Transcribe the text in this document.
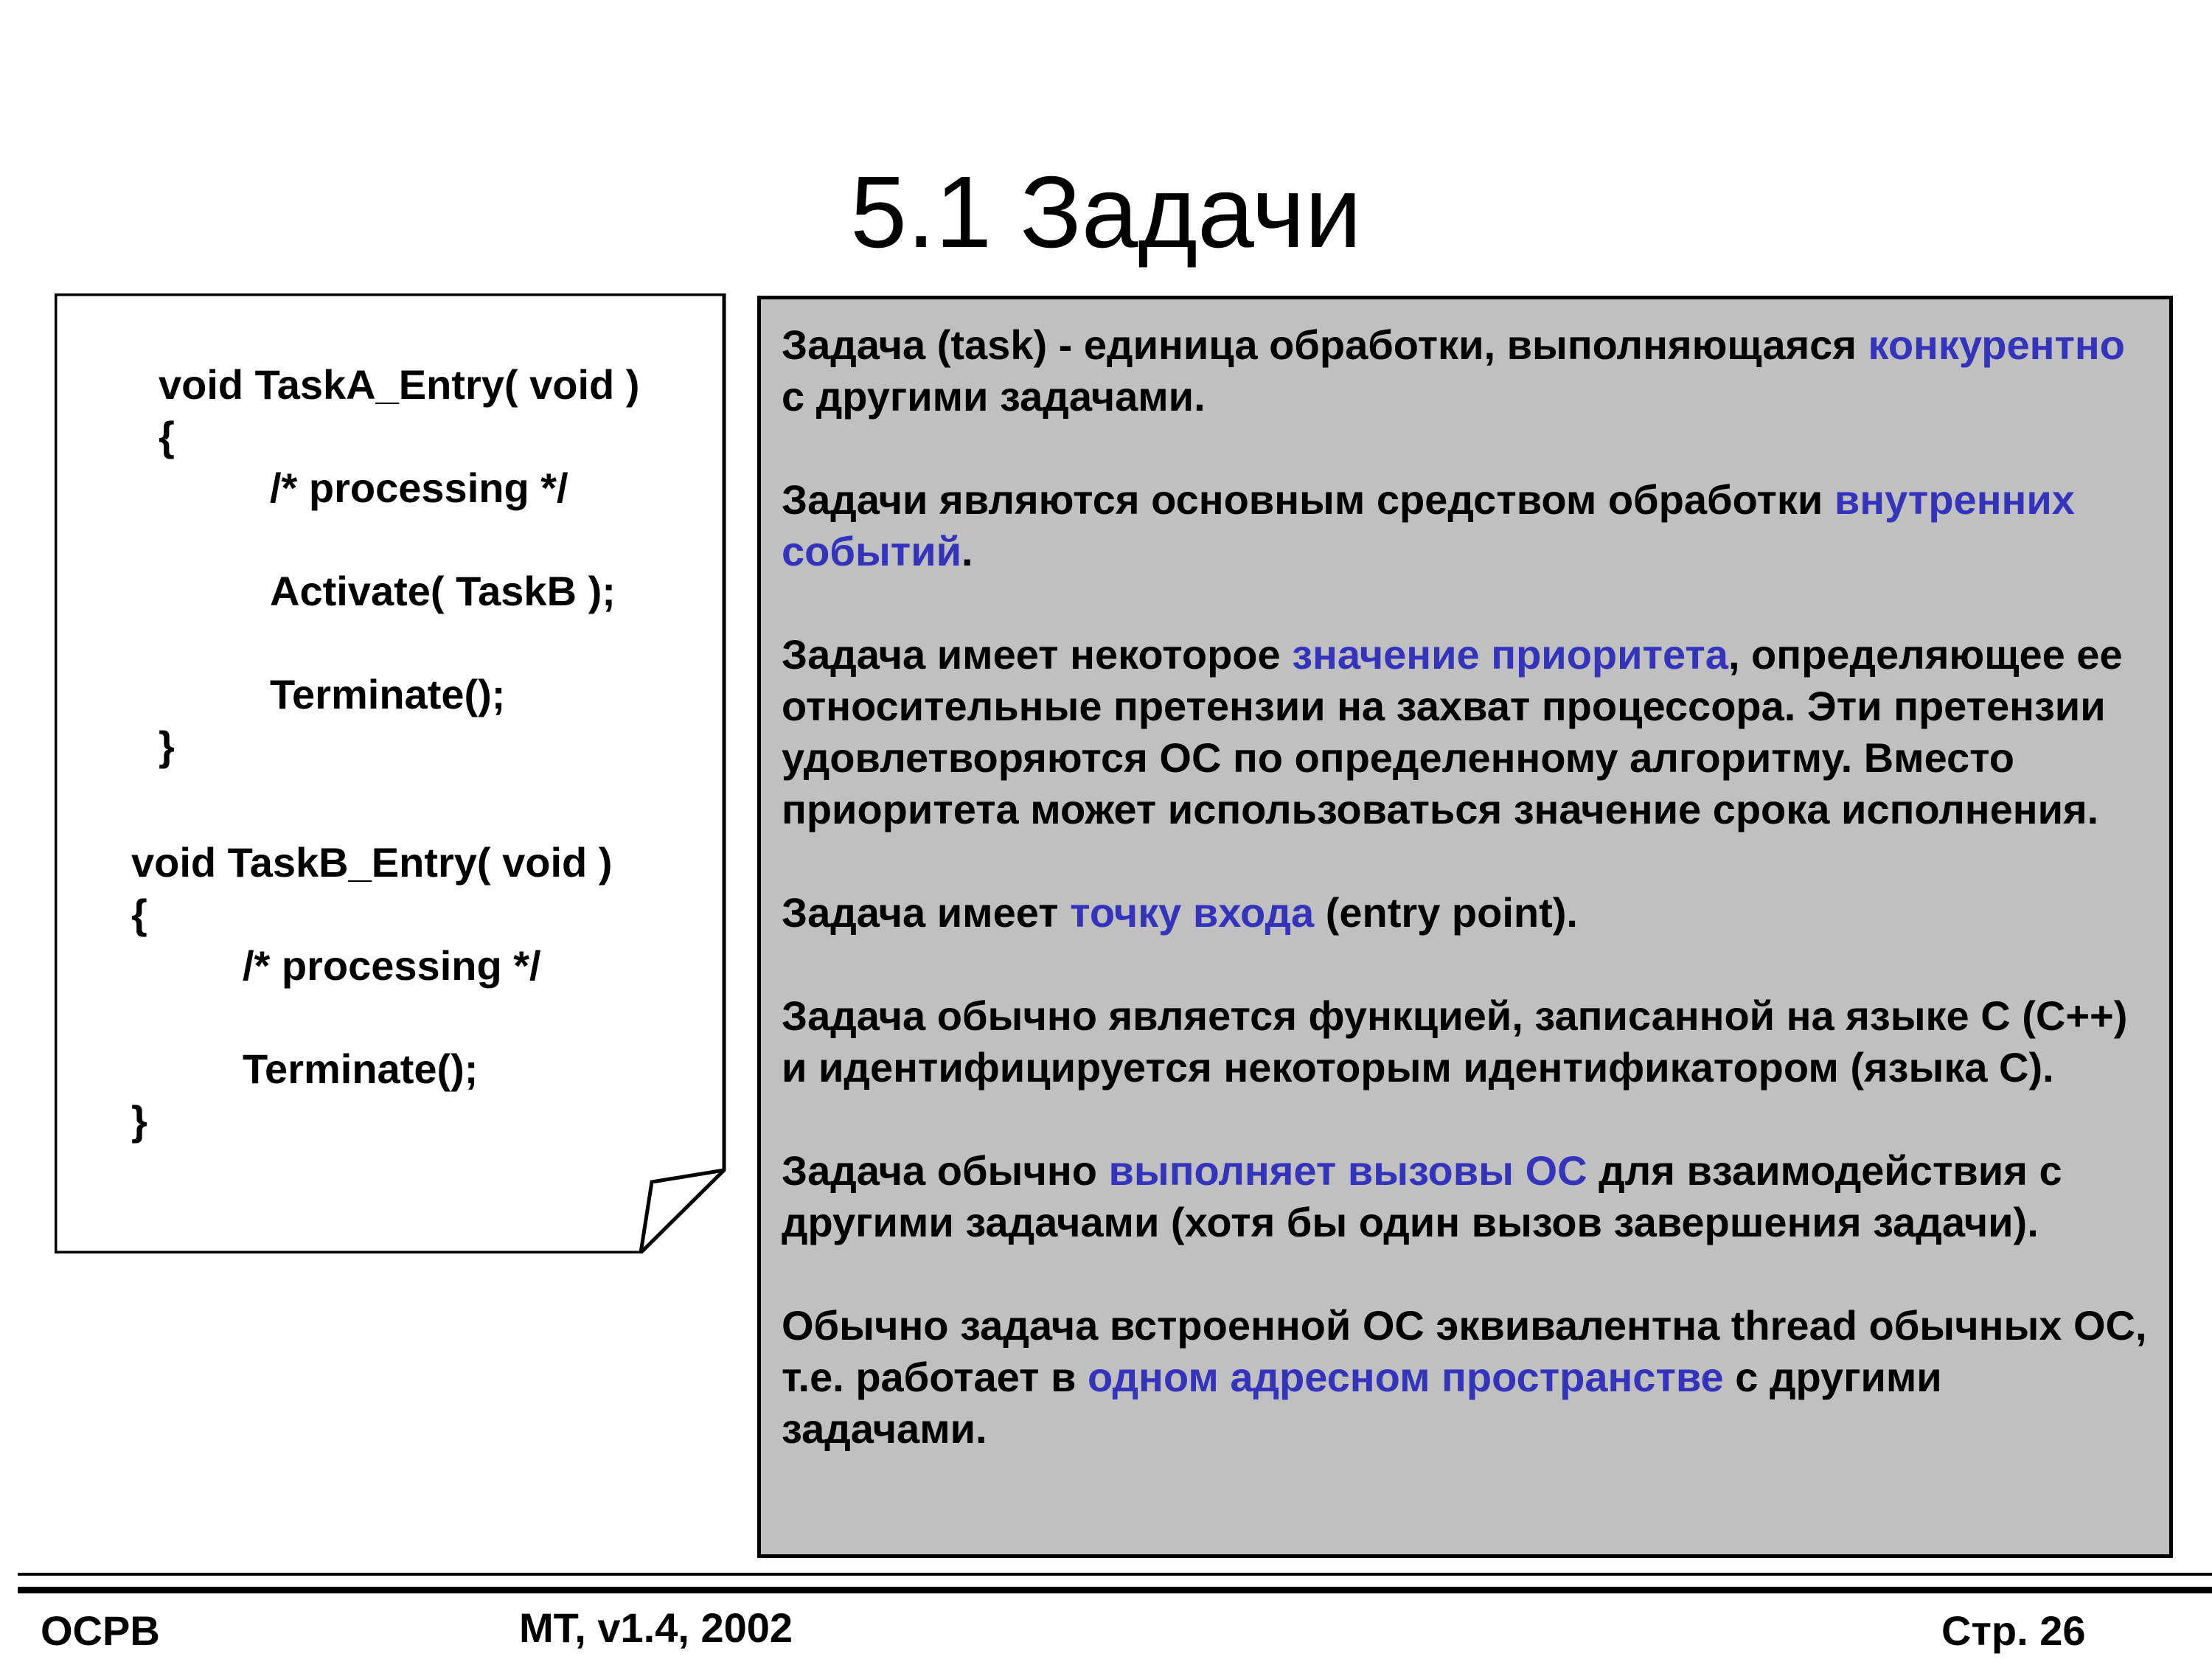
5.1 Задачи
void TaskA_Entry( void )
{
/* processing */
Activate( TaskB );
Terminate();
}
void TaskB_Entry( void )
{
/* processing */
Terminate();
}

Задача (task) - единица обработки, выполняющаяся конкурентно с другими задачами.

Задачи являются основным средством обработки внутренних событий.

Задача имеет некоторое значение приоритета, определяющее ее относительные претензии на захват процессора. Эти претензии удовлетворяются ОС по определенному алгоритму. Вместо приоритета может использоваться значение срока исполнения.

Задача имеет точку входа (entry point).

Задача обычно является функцией, записанной на языке С (С++) и идентифицируется некоторым идентификатором (языка С).

Задача обычно выполняет вызовы ОС для взаимодействия с другими задачами (хотя бы один вызов завершения задачи).

Обычно задача встроенной ОС эквивалентна thread обычных ОС, т.е. работает в одном адресном пространстве с другими задачами.

ОСРВ	МТ, v1.4, 2002	Стр. 26
